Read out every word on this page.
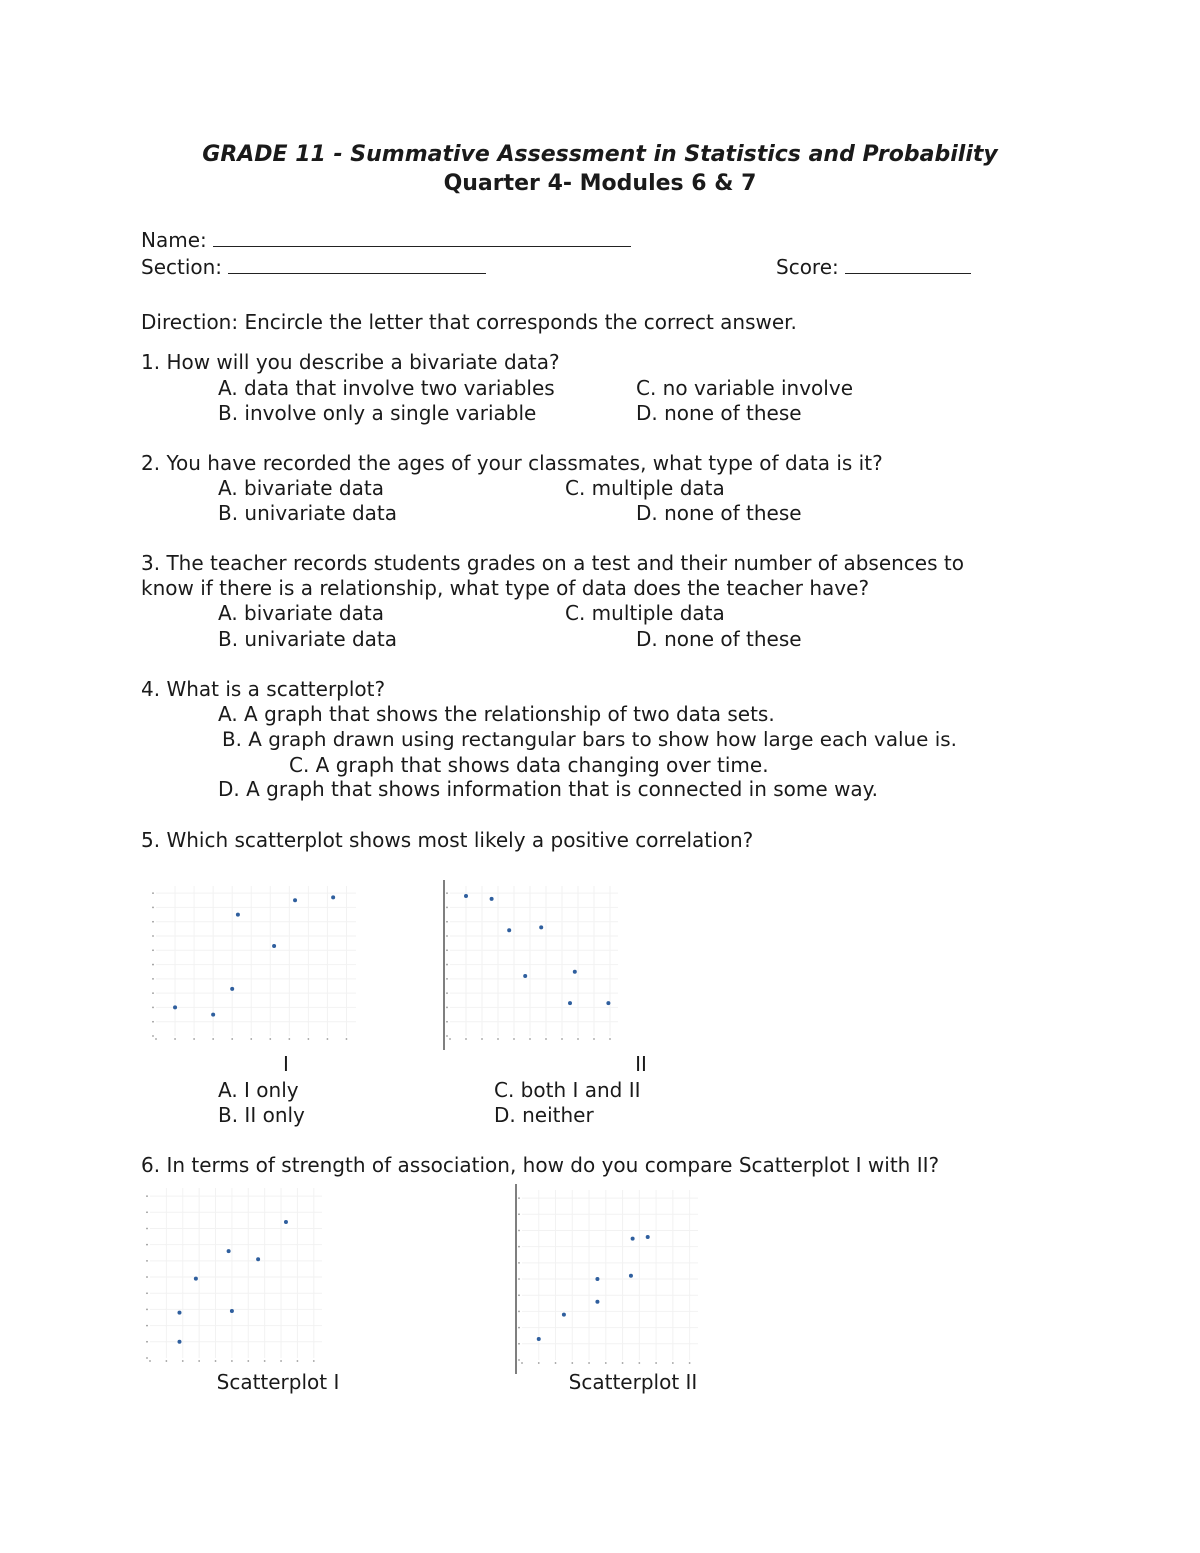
GRADE 11 - Summative Assessment in Statistics and Probability
Quarter 4- Modules 6 & 7
Name:
Section:	Score:
Direction: Encircle the letter that corresponds the correct answer.
1. How will you describe a bivariate data?
A. data that involve two variables
B. involve only a single variable
C. no variable involve
D. none of these
2. You have recorded the ages of your classmates, what type of data is it?
A. bivariate data
B. univariate data
C. multiple data
D. none of these
3. The teacher records students grades on a test and their number of absences to
know if there is a relationship, what type of data does the teacher have?
A. bivariate data
B. univariate data
C. multiple data
D. none of these
4. What is a scatterplot?
A. A graph that shows the relationship of two data sets.
B. A graph drawn using rectangular bars to show how large each value is.
C. A graph that shows data changing over time.
D. A graph that shows information that is connected in some way.
5. Which scatterplot shows most likely a positive correlation?
I	II
A. I only
B. II only
C. both I and II
D. neither
6. In terms of strength of association, how do you compare Scatterplot I with II?
Scatterplot I	Scatterplot II
